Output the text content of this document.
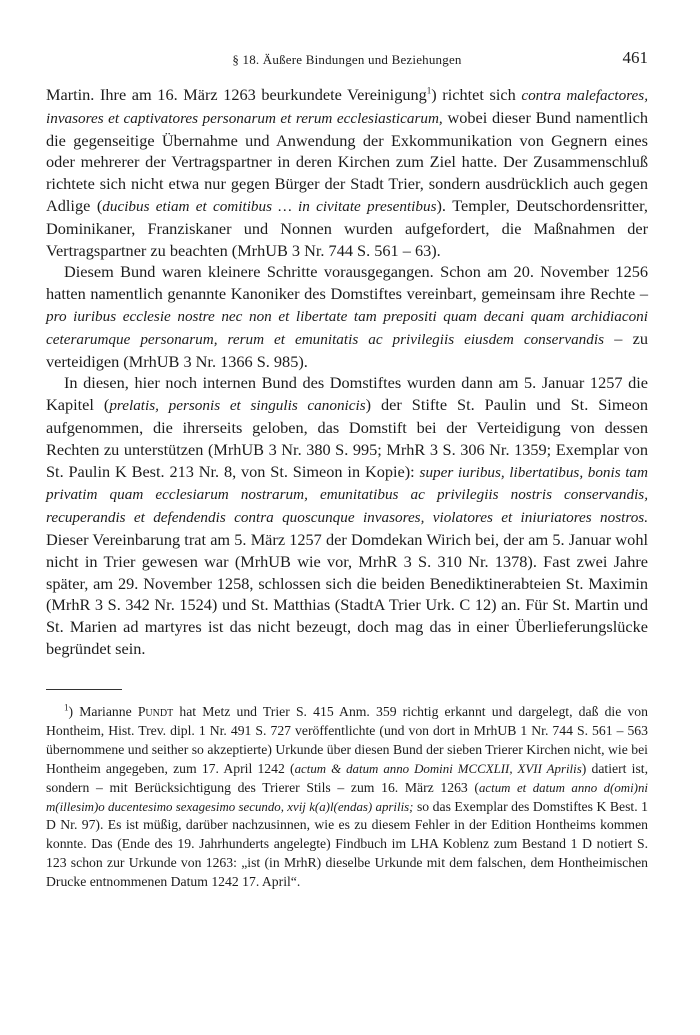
§ 18. Äußere Bindungen und Beziehungen	461

Martin. Ihre am 16. März 1263 beurkundete Vereinigung$^1$) richtet sich contra malefactores, invasores et captivatores personarum et rerum ecclesiasticarum, wobei dieser Bund namentlich die gegenseitige Übernahme und Anwendung der Exkommunikation von Gegnern eines oder mehrerer der Vertragspartner in deren Kirchen zum Ziel hatte. Der Zusammenschluß richtete sich nicht etwa nur gegen Bürger der Stadt Trier, sondern ausdrücklich auch gegen Adlige (ducibus etiam et comitibus … in civitate presentibus). Templer, Deutschordensritter, Dominikaner, Franziskaner und Nonnen wurden aufgefordert, die Maßnahmen der Vertragspartner zu beachten (MrhUB 3 Nr. 744 S. 561 – 63).

Diesem Bund waren kleinere Schritte vorausgegangen. Schon am 20. November 1256 hatten namentlich genannte Kanoniker des Domstiftes vereinbart, gemeinsam ihre Rechte – pro iuribus ecclesie nostre nec non et libertate tam prepositi quam decani quam archidiaconi ceterarumque personarum, rerum et emunitatis ac privilegiis eiusdem conservandis – zu verteidigen (MrhUB 3 Nr. 1366 S. 985).

In diesen, hier noch internen Bund des Domstiftes wurden dann am 5. Januar 1257 die Kapitel (prelatis, personis et singulis canonicis) der Stifte St. Paulin und St. Simeon aufgenommen, die ihrerseits geloben, das Domstift bei der Verteidigung von dessen Rechten zu unterstützen (MrhUB 3 Nr. 380 S. 995; MrhR 3 S. 306 Nr. 1359; Exemplar von St. Paulin K Best. 213 Nr. 8, von St. Simeon in Kopie): super iuribus, libertatibus, bonis tam privatim quam ecclesiarum nostrarum, emunitatibus ac privilegiis nostris conservandis, recuperandis et defendendis contra quoscunque invasores, violatores et iniuriatores nostros. Dieser Vereinbarung trat am 5. März 1257 der Domdekan Wirich bei, der am 5. Januar wohl nicht in Trier gewesen war (MrhUB wie vor, MrhR 3 S. 310 Nr. 1378). Fast zwei Jahre später, am 29. November 1258, schlossen sich die beiden Benediktinerabteien St. Maximin (MrhR 3 S. 342 Nr. 1524) und St. Matthias (StadtA Trier Urk. C 12) an. Für St. Martin und St. Marien ad martyres ist das nicht bezeugt, doch mag das in einer Überlieferungslücke begründet sein.

$^1$) Marianne Pundt hat Metz und Trier S. 415 Anm. 359 richtig erkannt und dargelegt, daß die von Hontheim, Hist. Trev. dipl. 1 Nr. 491 S. 727 veröffentlichte (und von dort in MrhUB 1 Nr. 744 S. 561 – 563 übernommene und seither so akzeptierte) Urkunde über diesen Bund der sieben Trierer Kirchen nicht, wie bei Hontheim angegeben, zum 17. April 1242 (actum & datum anno Domini MCCXLII, XVII Aprilis) datiert ist, sondern – mit Berücksichtigung des Trierer Stils – zum 16. März 1263 (actum et datum anno d(omi)ni m(illesim)o ducentesimo sexagesimo secundo, xvij k(a)l(endas) aprilis; so das Exemplar des Domstiftes K Best. 1 D Nr. 97). Es ist müßig, darüber nachzusinnen, wie es zu diesem Fehler in der Edition Hontheims kommen konnte. Das (Ende des 19. Jahrhunderts angelegte) Findbuch im LHA Koblenz zum Bestand 1 D notiert S. 123 schon zur Urkunde von 1263: „ist (in MrhR) dieselbe Urkunde mit dem falschen, dem Hontheimischen Drucke entnommenen Datum 1242 17. April“.
